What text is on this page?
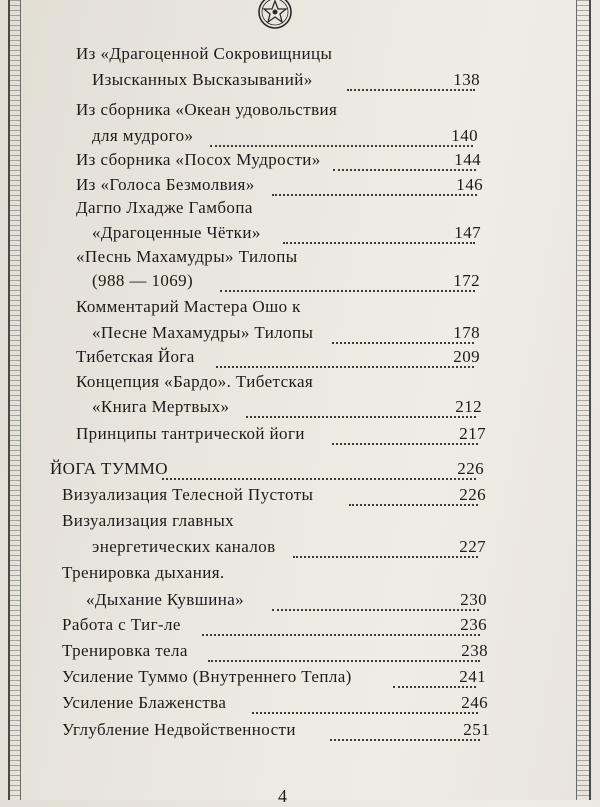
Из «Драгоценной Сокровищницы
Изысканных Высказываний»	138
Из сборника «Океан удовольствия
для мудрого»	140
Из сборника «Посох Мудрости»	144
Из «Голоса Безмолвия»	146
Дагпо Лхадже Гамбопа
«Драгоценные Чётки»	147
«Песнь Махамудры» Тилопы
(988 — 1069)	172
Комментарий Мастера Ошо к
«Песне Махамудры» Тилопы	178
Тибетская Йога	209
Концепция «Бардо». Тибетская
«Книга Мертвых»	212
Принципы тантрической йоги	217
ЙОГА ТУММО	226
Визуализация Телесной Пустоты	226
Визуализация главных
энергетических каналов	227
Тренировка дыхания.
«Дыхание Кувшина»	230
Работа с Тиг-ле	236
Тренировка тела	238
Усиление Туммо (Внутреннего Тепла)	241
Усиление Блаженства	246
Углубление Недвойственности	251
4
